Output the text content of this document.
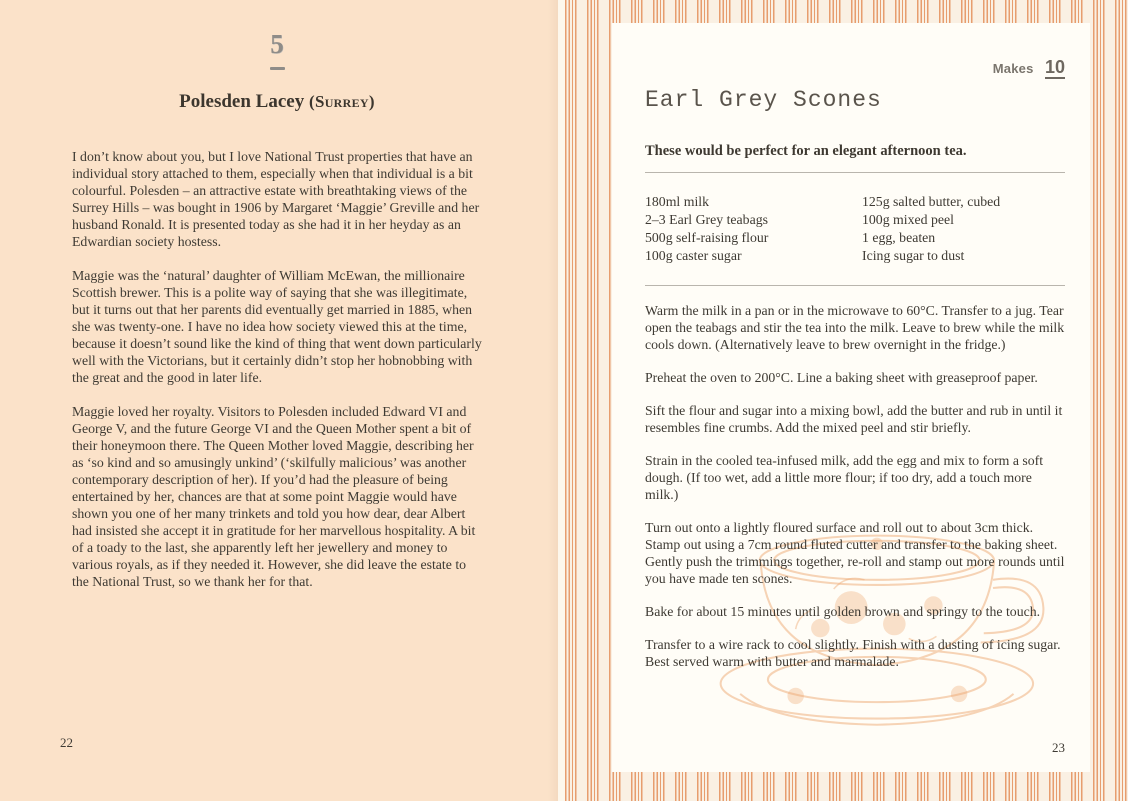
5
Polesden Lacey (Surrey)
I don’t know about you, but I love National Trust properties that have an individual story attached to them, especially when that individual is a bit colourful. Polesden – an attractive estate with breathtaking views of the Surrey Hills – was bought in 1906 by Margaret ‘Maggie’ Greville and her husband Ronald. It is presented today as she had it in her heyday as an Edwardian society hostess.
Maggie was the ‘natural’ daughter of William McEwan, the millionaire Scottish brewer. This is a polite way of saying that she was illegitimate, but it turns out that her parents did eventually get married in 1885, when she was twenty-one. I have no idea how society viewed this at the time, because it doesn’t sound like the kind of thing that went down particularly well with the Victorians, but it certainly didn’t stop her hobnobbing with the great and the good in later life.
Maggie loved her royalty. Visitors to Polesden included Edward VI and George V, and the future George VI and the Queen Mother spent a bit of their honeymoon there. The Queen Mother loved Maggie, describing her as ‘so kind and so amusingly unkind’ (‘skilfully malicious’ was another contemporary description of her). If you’d had the pleasure of being entertained by her, chances are that at some point Maggie would have shown you one of her many trinkets and told you how dear, dear Albert had insisted she accept it in gratitude for her marvellous hospitality. A bit of a toady to the last, she apparently left her jewellery and money to various royals, as if they needed it. However, she did leave the estate to the National Trust, so we thank her for that.
22
Makes 10
Earl Grey Scones
These would be perfect for an elegant afternoon tea.
180ml milk
2–3 Earl Grey teabags
500g self-raising flour
100g caster sugar
125g salted butter, cubed
100g mixed peel
1 egg, beaten
Icing sugar to dust
Warm the milk in a pan or in the microwave to 60°C. Transfer to a jug. Tear open the teabags and stir the tea into the milk. Leave to brew while the milk cools down. (Alternatively leave to brew overnight in the fridge.)
Preheat the oven to 200°C. Line a baking sheet with greaseproof paper.
Sift the flour and sugar into a mixing bowl, add the butter and rub in until it resembles fine crumbs. Add the mixed peel and stir briefly.
Strain in the cooled tea-infused milk, add the egg and mix to form a soft dough. (If too wet, add a little more flour; if too dry, add a touch more milk.)
Turn out onto a lightly floured surface and roll out to about 3cm thick. Stamp out using a 7cm round fluted cutter and transfer to the baking sheet. Gently push the trimmings together, re-roll and stamp out more rounds until you have made ten scones.
Bake for about 15 minutes until golden brown and springy to the touch.
Transfer to a wire rack to cool slightly. Finish with a dusting of icing sugar. Best served warm with butter and marmalade.
23
